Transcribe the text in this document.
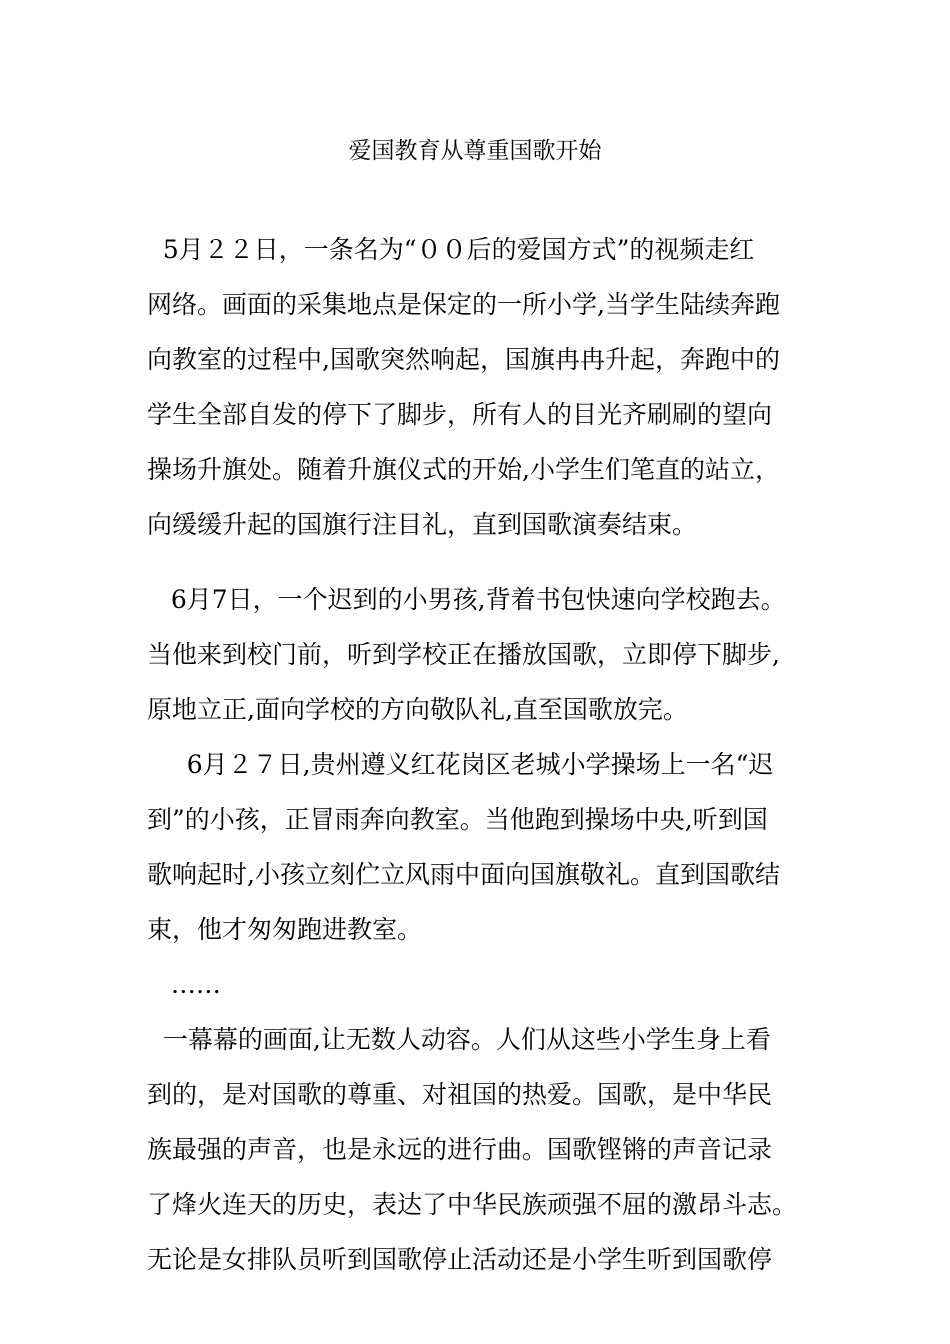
爱国教育从尊重国歌开始
5月２２日，一条名为“００后的爱国方式”的视频走红
网络。画面的采集地点是保定的一所小学,当学生陆续奔跑
向教室的过程中,国歌突然响起，国旗冉冉升起，奔跑中的
学生全部自发的停下了脚步，所有人的目光齐刷刷的望向
操场升旗处。随着升旗仪式的开始,小学生们笔直的站立，
向缓缓升起的国旗行注目礼，直到国歌演奏结束。
6月7日，一个迟到的小男孩,背着书包快速向学校跑去。
当他来到校门前，听到学校正在播放国歌，立即停下脚步,
原地立正,面向学校的方向敬队礼,直至国歌放完。
6月２７日,贵州遵义红花岗区老城小学操场上一名“迟
到”的小孩，正冒雨奔向教室。当他跑到操场中央,听到国
歌响起时,小孩立刻伫立风雨中面向国旗敬礼。直到国歌结
束，他才匆匆跑进教室。
……
一幕幕的画面,让无数人动容。人们从这些小学生身上看
到的，是对国歌的尊重、对祖国的热爱。国歌，是中华民
族最强的声音，也是永远的进行曲。国歌铿锵的声音记录
了烽火连天的历史，表达了中华民族顽强不屈的激昂斗志。
无论是女排队员听到国歌停止活动还是小学生听到国歌停
